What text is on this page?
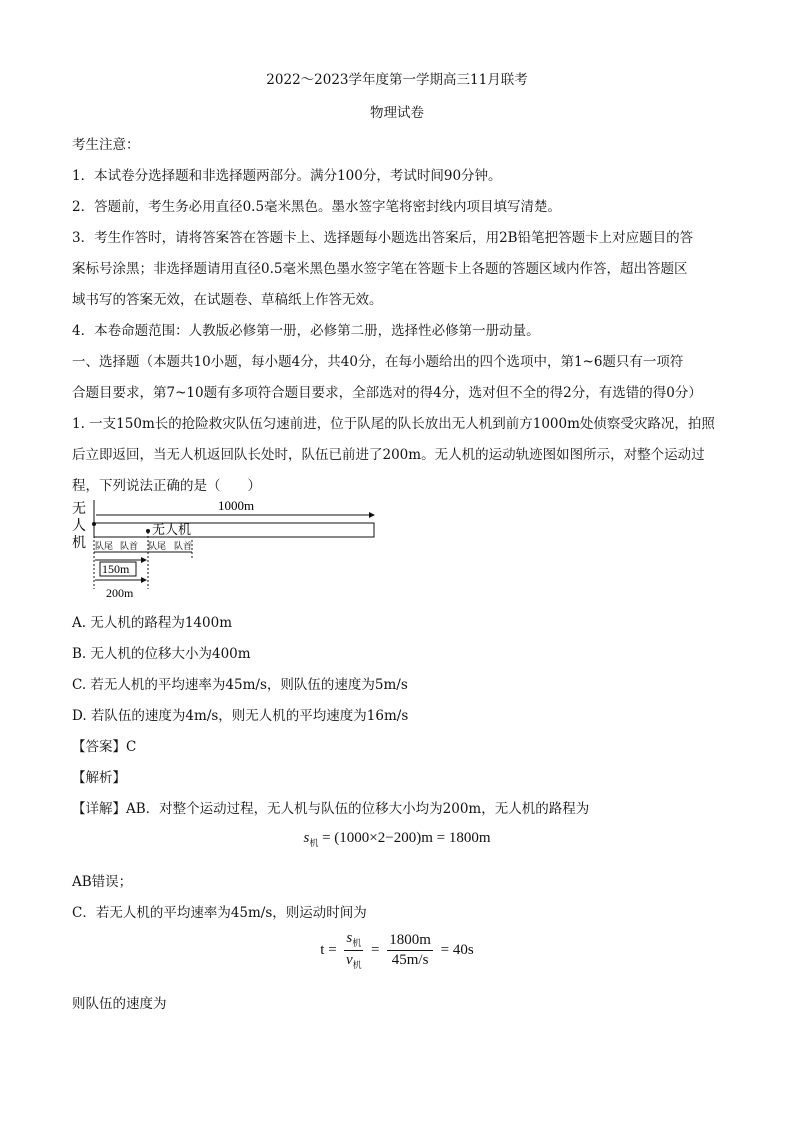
2022～2023学年度第一学期高三11月联考
物理试卷
考生注意：
1．本试卷分选择题和非选择题两部分。满分100分，考试时间90分钟。
2．答题前，考生务必用直径0.5毫米黑色。墨水签字笔将密封线内项目填写清楚。
3．考生作答时，请将答案答在答题卡上、选择题每小题选出答案后，用2B铅笔把答题卡上对应题目的答
案标号涂黑；非选择题请用直径0.5毫米黑色墨水签字笔在答题卡上各题的答题区域内作答，超出答题区
域书写的答案无效，在试题卷、草稿纸上作答无效。
4．本卷命题范围：人教版必修第一册，必修第二册，选择性必修第一册动量。
一、选择题（本题共10小题，每小题4分，共40分，在每小题给出的四个选项中，第1~6题只有一项符
合题目要求，第7~10题有多项符合题目要求，全部选对的得4分，选对但不全的得2分，有选错的得0分）
1. 一支150m长的抢险救灾队伍匀速前进，位于队尾的队长放出无人机到前方1000m处侦察受灾路况，拍照
后立即返回，当无人机返回队长处时，队伍已前进了200m。无人机的运动轨迹图如图所示，对整个运动过
程，下列说法正确的是（　　）
无
人
机
1000m
无人机
队尾 队首 队尾 队首
150m
200m
A. 无人机的路程为1400m
B. 无人机的位移大小为400m
C. 若无人机的平均速率为45m/s，则队伍的速度为5m/s
D. 若队伍的速度为4m/s，则无人机的平均速度为16m/s
【答案】C
【解析】
【详解】AB．对整个运动过程，无人机与队伍的位移大小均为200m，无人机的路程为
$s_机 = (1000\times 2-200)m = 1800m$
AB错误；
C．若无人机的平均速率为45m/s，则运动时间为
$t = \frac{s_机}{v_机} = \frac{1800m}{45m/s} = 40s$
则队伍的速度为
